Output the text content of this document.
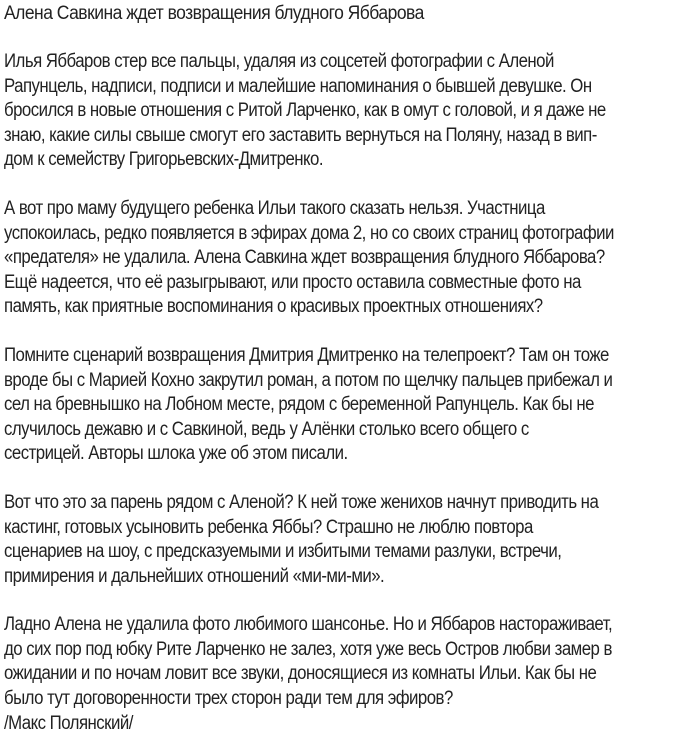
Алена Савкина ждет возвращения блудного Яббарова
Илья Яббаров стер все пальцы, удаляя из соцсетей фотографии с Аленой
Рапунцель, надписи, подписи и малейшие напоминания о бывшей девушке. Он
бросился в новые отношения с Ритой Ларченко, как в омут с головой, и я даже не
знаю, какие силы свыше смогут его заставить вернуться на Поляну, назад в вип-
дом к семейству Григорьевских-Дмитренко.
А вот про маму будущего ребенка Ильи такого сказать нельзя. Участница
успокоилась, редко появляется в эфирах дома 2, но со своих страниц фотографии
«предателя» не удалила. Алена Савкина ждет возвращения блудного Яббарова?
Ещё надеется, что её разыгрывают, или просто оставила совместные фото на
память, как приятные воспоминания о красивых проектных отношениях?
Помните сценарий возвращения Дмитрия Дмитренко на телепроект? Там он тоже
вроде бы с Марией Кохно закрутил роман, а потом по щелчку пальцев прибежал и
сел на бревнышко на Лобном месте, рядом с беременной Рапунцель. Как бы не
случилось дежавю и с Савкиной, ведь у Алёнки столько всего общего с
сестрицей. Авторы шлока уже об этом писали.
Вот что это за парень рядом с Аленой? К ней тоже женихов начнут приводить на
кастинг, готовых усыновить ребенка Яббы? Страшно не люблю повтора
сценариев на шоу, с предсказуемыми и избитыми темами разлуки, встречи,
примирения и дальнейших отношений «ми-ми-ми».
Ладно Алена не удалила фото любимого шансонье. Но и Яббаров настораживает,
до сих пор под юбку Рите Ларченко не залез, хотя уже весь Остров любви замер в
ожидании и по ночам ловит все звуки, доносящиеся из комнаты Ильи. Как бы не
было тут договоренности трех сторон ради тем для эфиров?
/Макс Полянский/
